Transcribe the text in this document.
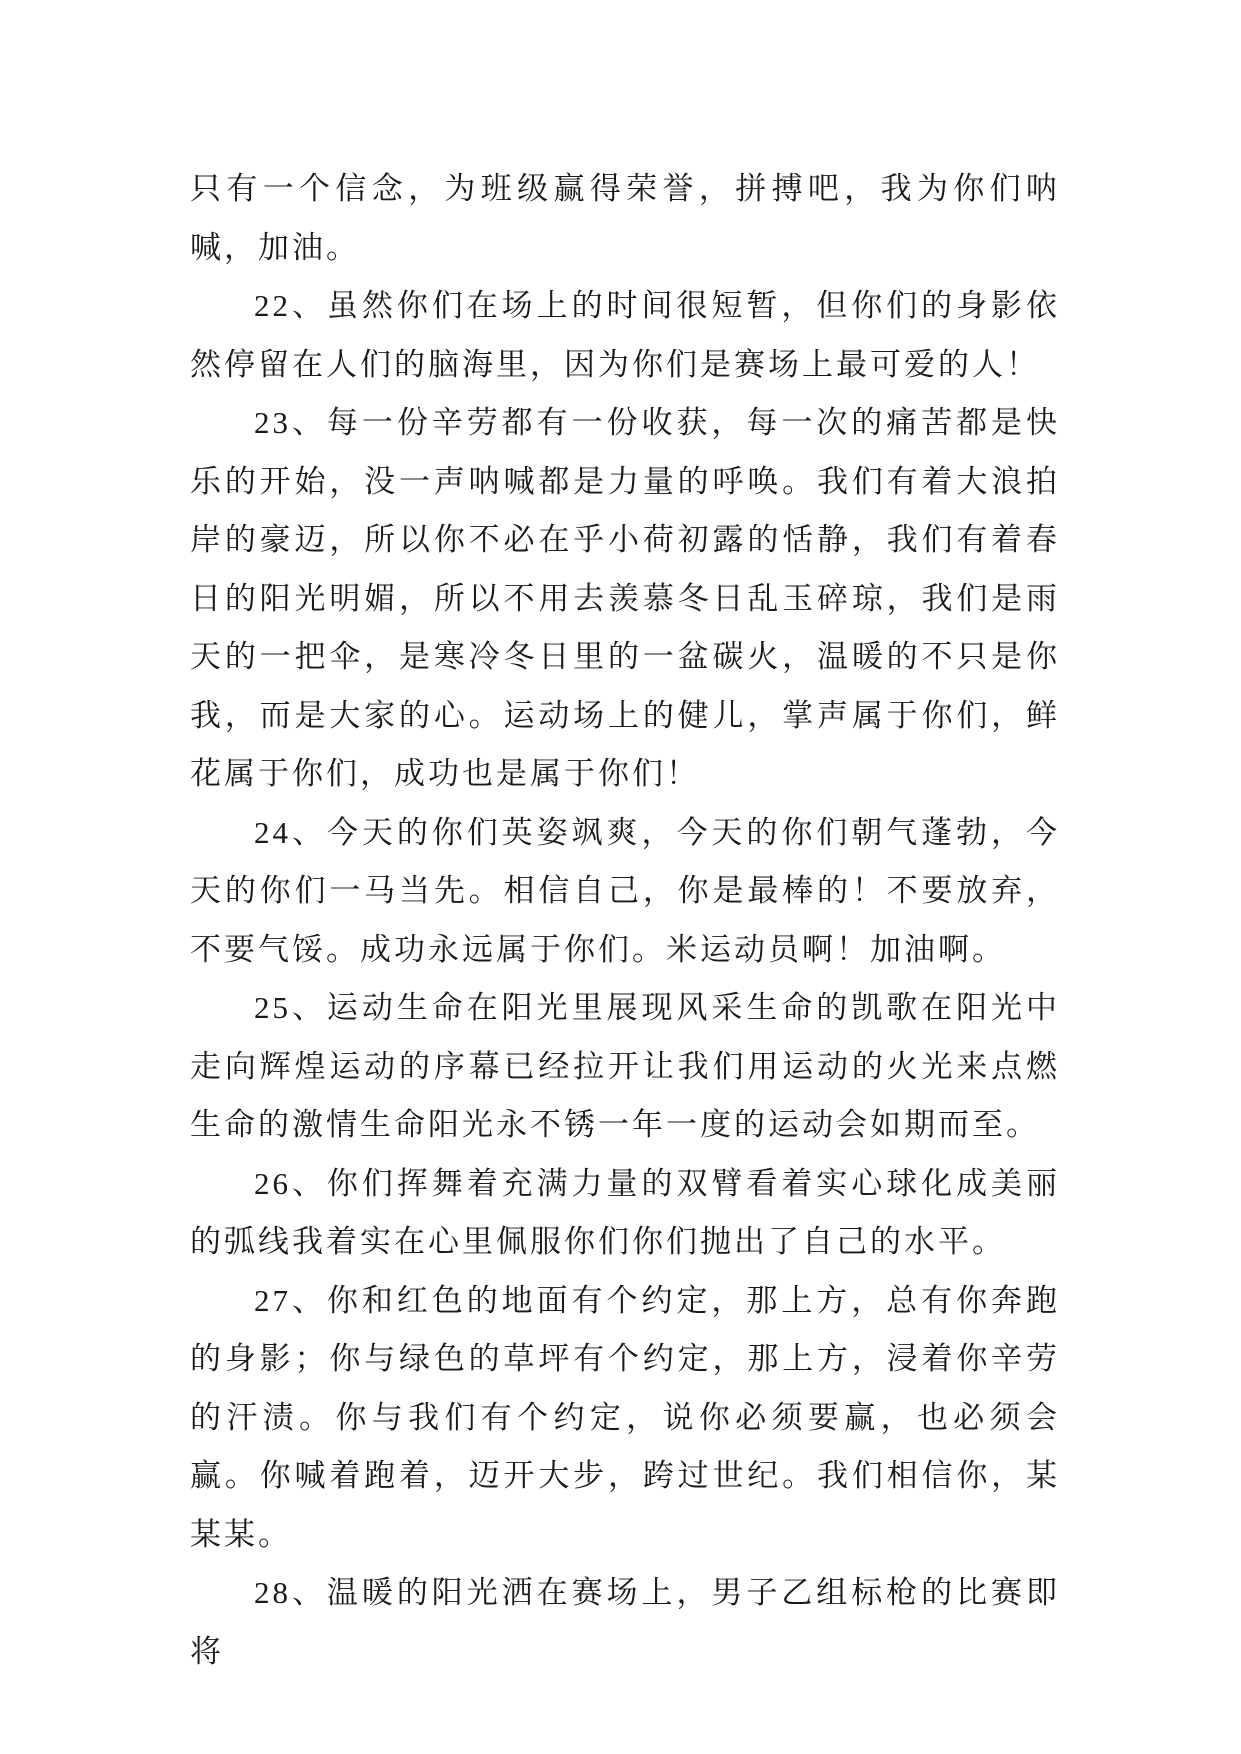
只有一个信念，为班级赢得荣誉，拼搏吧，我为你们呐喊，加油。

22、虽然你们在场上的时间很短暂，但你们的身影依然停留在人们的脑海里，因为你们是赛场上最可爱的人！

23、每一份辛劳都有一份收获，每一次的痛苦都是快乐的开始，没一声呐喊都是力量的呼唤。我们有着大浪拍岸的豪迈，所以你不必在乎小荷初露的恬静，我们有着春日的阳光明媚，所以不用去羡慕冬日乱玉碎琼，我们是雨天的一把伞，是寒冷冬日里的一盆碳火，温暖的不只是你我，而是大家的心。运动场上的健儿，掌声属于你们，鲜花属于你们，成功也是属于你们！

24、今天的你们英姿飒爽，今天的你们朝气蓬勃，今天的你们一马当先。相信自己，你是最棒的！不要放弃，不要气馁。成功永远属于你们。米运动员啊！加油啊。

25、运动生命在阳光里展现风采生命的凯歌在阳光中走向辉煌运动的序幕已经拉开让我们用运动的火光来点燃生命的激情生命阳光永不锈一年一度的运动会如期而至。

26、你们挥舞着充满力量的双臂看着实心球化成美丽的弧线我着实在心里佩服你们你们抛出了自己的水平。

27、你和红色的地面有个约定，那上方，总有你奔跑的身影；你与绿色的草坪有个约定，那上方，浸着你辛劳的汗渍。你与我们有个约定，说你必须要赢，也必须会赢。你喊着跑着，迈开大步，跨过世纪。我们相信你，某某某。

28、温暖的阳光洒在赛场上，男子乙组标枪的比赛即将
